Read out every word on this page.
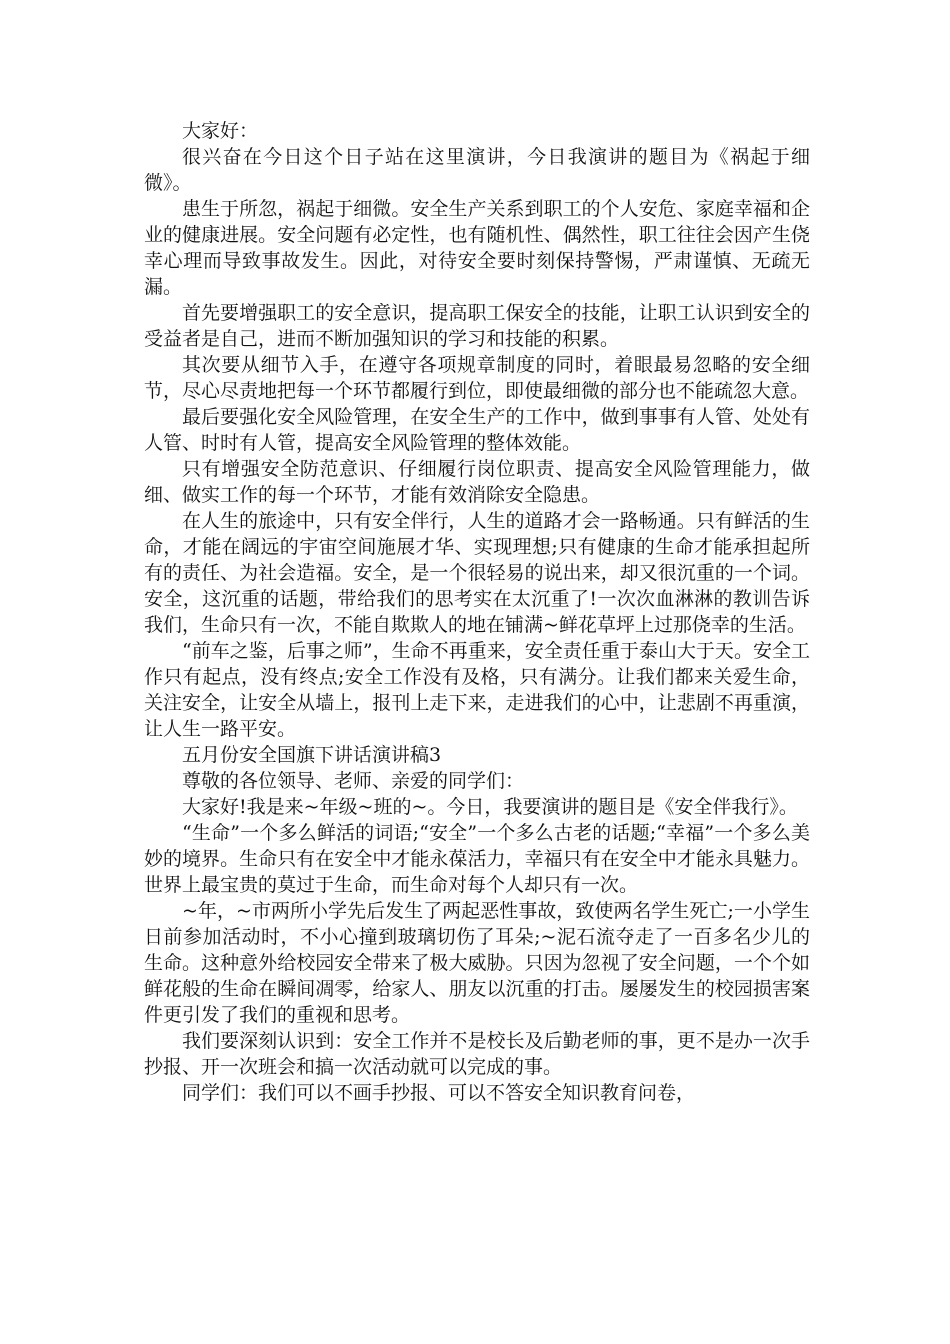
大家好：

很兴奋在今日这个日子站在这里演讲，今日我演讲的题目为《祸起于细微》。

患生于所忽，祸起于细微。安全生产关系到职工的个人安危、家庭幸福和企业的健康进展。安全问题有必定性，也有随机性、偶然性，职工往往会因产生侥幸心理而导致事故发生。因此，对待安全要时刻保持警惕，严肃谨慎、无疏无漏。

首先要增强职工的安全意识，提高职工保安全的技能，让职工认识到安全的受益者是自己，进而不断加强知识的学习和技能的积累。

其次要从细节入手，在遵守各项规章制度的同时，着眼最易忽略的安全细节，尽心尽责地把每一个环节都履行到位，即使最细微的部分也不能疏忽大意。

最后要强化安全风险管理，在安全生产的工作中，做到事事有人管、处处有人管、时时有人管，提高安全风险管理的整体效能。

只有增强安全防范意识、仔细履行岗位职责、提高安全风险管理能力，做细、做实工作的每一个环节，才能有效消除安全隐患。

在人生的旅途中，只有安全伴行，人生的道路才会一路畅通。只有鲜活的生命，才能在阔远的宇宙空间施展才华、实现理想;只有健康的生命才能承担起所有的责任、为社会造福。安全，是一个很轻易的说出来，却又很沉重的一个词。安全，这沉重的话题，带给我们的思考实在太沉重了!一次次血淋淋的教训告诉我们，生命只有一次，不能自欺欺人的地在铺满~鲜花草坪上过那侥幸的生活。

“前车之鉴，后事之师”，生命不再重来，安全责任重于泰山大于天。安全工作只有起点，没有终点;安全工作没有及格，只有满分。让我们都来关爱生命，关注安全，让安全从墙上，报刊上走下来，走进我们的心中，让悲剧不再重演，让人生一路平安。

五月份安全国旗下讲话演讲稿3

尊敬的各位领导、老师、亲爱的同学们：

大家好!我是来~年级~班的~。今日，我要演讲的题目是《安全伴我行》。

“生命”一个多么鲜活的词语;“安全”一个多么古老的话题;“幸福”一个多么美妙的境界。生命只有在安全中才能永葆活力，幸福只有在安全中才能永具魅力。世界上最宝贵的莫过于生命，而生命对每个人却只有一次。

~年，~市两所小学先后发生了两起恶性事故，致使两名学生死亡;一小学生日前参加活动时，不小心撞到玻璃切伤了耳朵;~泥石流夺走了一百多名少儿的生命。这种意外给校园安全带来了极大威胁。只因为忽视了安全问题，一个个如鲜花般的生命在瞬间凋零，给家人、朋友以沉重的打击。屡屡发生的校园损害案件更引发了我们的重视和思考。

我们要深刻认识到：安全工作并不是校长及后勤老师的事，更不是办一次手抄报、开一次班会和搞一次活动就可以完成的事。

同学们：我们可以不画手抄报、可以不答安全知识教育问卷，
